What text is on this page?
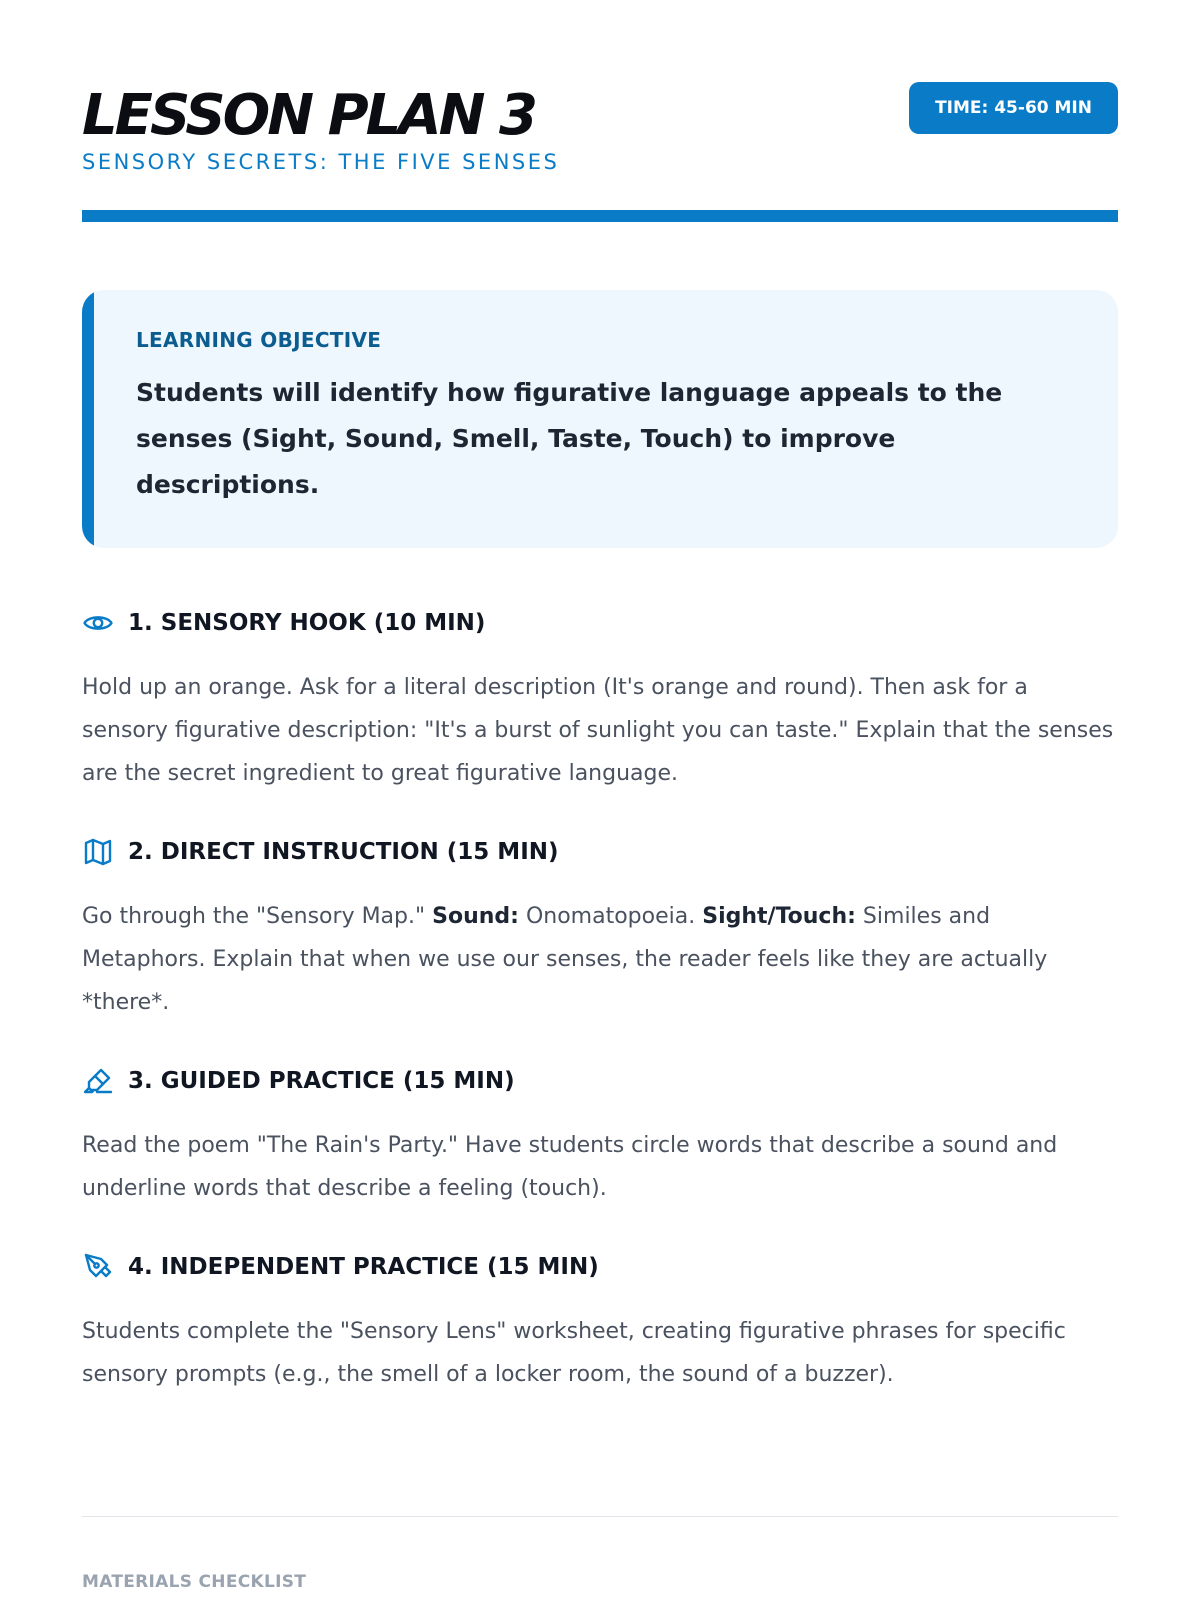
LESSON PLAN 3
SENSORY SECRETS: THE FIVE SENSES
TIME: 45-60 MIN
LEARNING OBJECTIVE
Students will identify how figurative language appeals to the senses (Sight, Sound, Smell, Taste, Touch) to improve descriptions.
1. SENSORY HOOK (10 MIN)
Hold up an orange. Ask for a literal description (It's orange and round). Then ask for a sensory figurative description: "It's a burst of sunlight you can taste." Explain that the senses are the secret ingredient to great figurative language.
2. DIRECT INSTRUCTION (15 MIN)
Go through the "Sensory Map." Sound: Onomatopoeia. Sight/Touch: Similes and Metaphors. Explain that when we use our senses, the reader feels like they are actually *there*.
3. GUIDED PRACTICE (15 MIN)
Read the poem "The Rain's Party." Have students circle words that describe a sound and underline words that describe a feeling (touch).
4. INDEPENDENT PRACTICE (15 MIN)
Students complete the "Sensory Lens" worksheet, creating figurative phrases for specific sensory prompts (e.g., the smell of a locker room, the sound of a buzzer).
MATERIALS CHECKLIST
